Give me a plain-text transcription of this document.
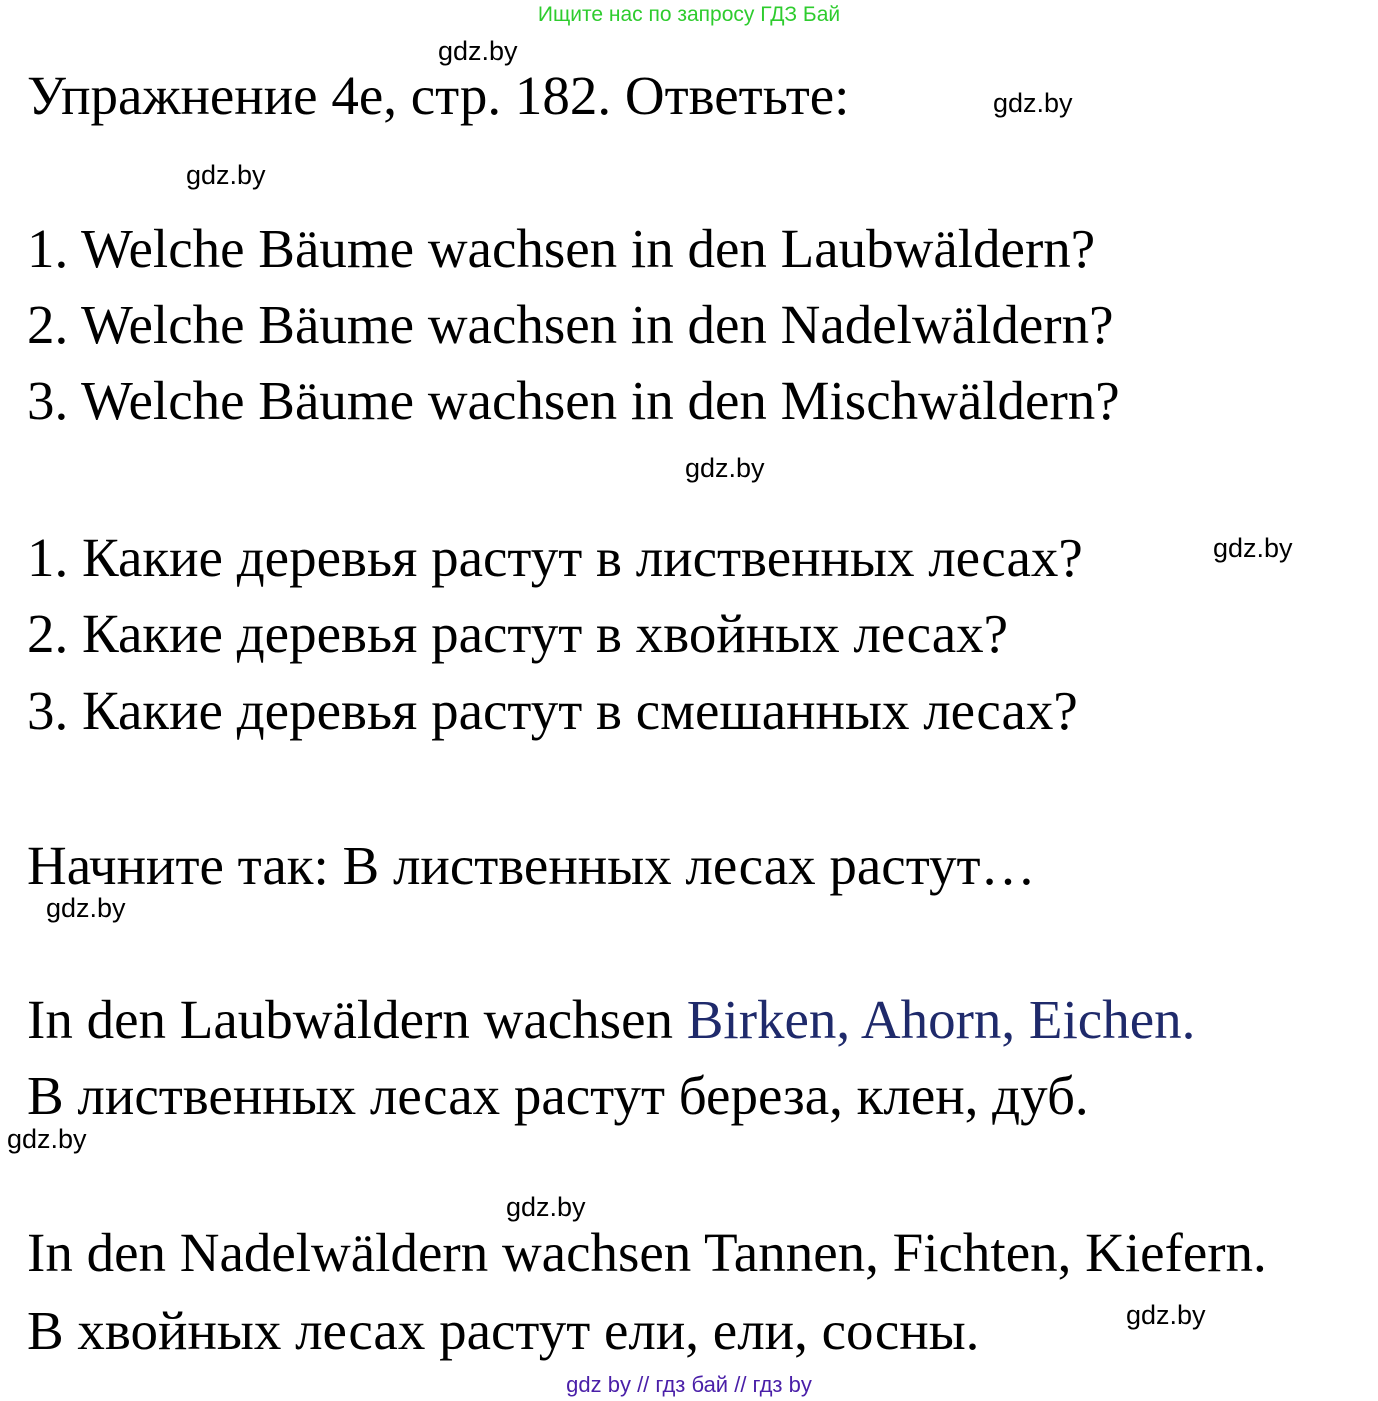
Ищите нас по запросу ГДЗ Бай
gdz.by
Упражнение 4е, стр. 182. Ответьте:	gdz.by
gdz.by
1. Welche Bäume wachsen in den Laubwäldern?
2. Welche Bäume wachsen in den Nadelwäldern?
3. Welche Bäume wachsen in den Mischwäldern?
gdz.by
1. Какие деревья растут в лиственных лесах?	gdz.by
2. Какие деревья растут в хвойных лесах?
3. Какие деревья растут в смешанных лесах?
Начните так: В лиственных лесах растут…
gdz.by
In den Laubwäldern wachsen Birken, Ahorn, Eichen.
В лиственных лесах растут береза, клен, дуб.
gdz.by
gdz.by
In den Nadelwäldern wachsen Tannen, Fichten, Kiefern.
gdz.by
В хвойных лесах растут ели, ели, сосны.
gdz by // гдз бай // гдз by
